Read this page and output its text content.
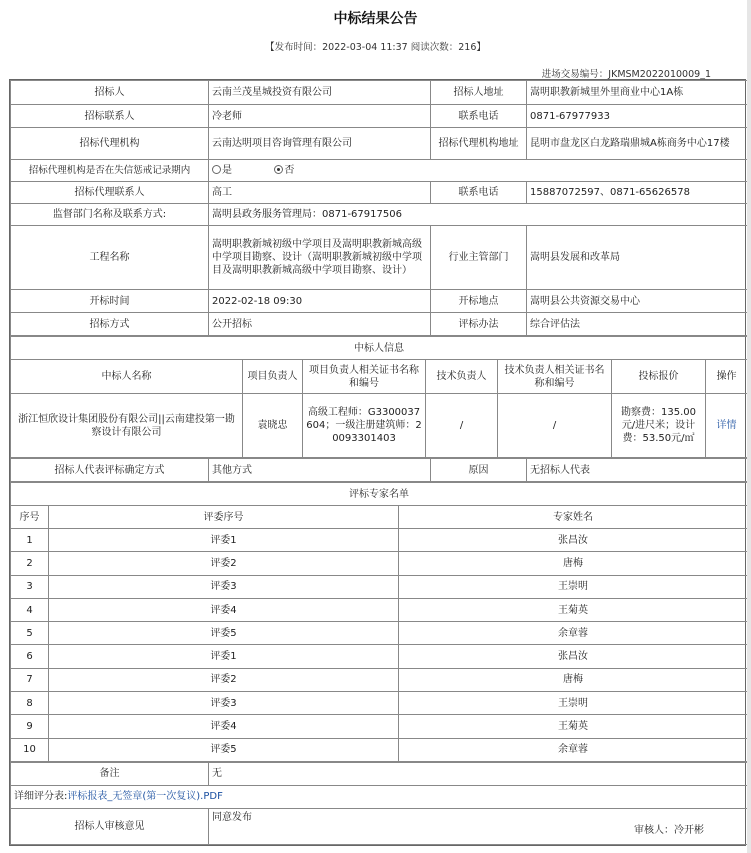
中标结果公告
【发布时间：2022-03-04 11:37 阅读次数：216】
进场交易编号：JKMSM2022010009_1
招标人	云南兰茂星城投资有限公司	招标人地址	嵩明职教新城里外里商业中心1A栋
招标联系人	冷老师	联系电话	0871-67977933
招标代理机构	云南达明项目咨询管理有限公司	招标代理机构地址	昆明市盘龙区白龙路瑞鼎城A栋商务中心17楼
招标代理机构是否在失信惩戒记录期内	是 否		
招标代理联系人	高工	联系电话	15887072597、0871-65626578
监督部门名称及联系方式:	嵩明县政务服务管理局：0871-67917506		
工程名称	嵩明职教新城初级中学项目及嵩明职教新城高级中学项目勘察、设计（嵩明职教新城初级中学项目及嵩明职教新城高级中学项目勘察、设计）	行业主管部门	嵩明县发展和改革局
开标时间	2022-02-18 09:30	开标地点	嵩明县公共资源交易中心
招标方式	公开招标	评标办法	综合评估法
中标人信息						
中标人名称	项目负责人	项目负责人相关证书名称和编号	技术负责人	技术负责人相关证书名称和编号	投标报价	操作
浙江恒欣设计集团股份有限公司||云南建投第一勘察设计有限公司	袁晓忠	高级工程师：G3300037604；一级注册建筑师：20093301403	/	/	勘察费：135.00元/进尺米；设计费：53.50元/㎡	详情
招标人代表评标确定方式	其他方式	原因	无招标人代表
评标专家名单		
序号	评委序号	专家姓名
1	评委1	张昌汝
2	评委2	唐梅
3	评委3	王崇明
4	评委4	王菊英
5	评委5	余章蓉
6	评委1	张昌汝
7	评委2	唐梅
8	评委3	王崇明
9	评委4	王菊英
10	评委5	余章蓉
备注	无
详细评分表:评标报表_无签章(第一次复议).PDF	
招标人审核意见	同意发布
审核人：冷开彬
